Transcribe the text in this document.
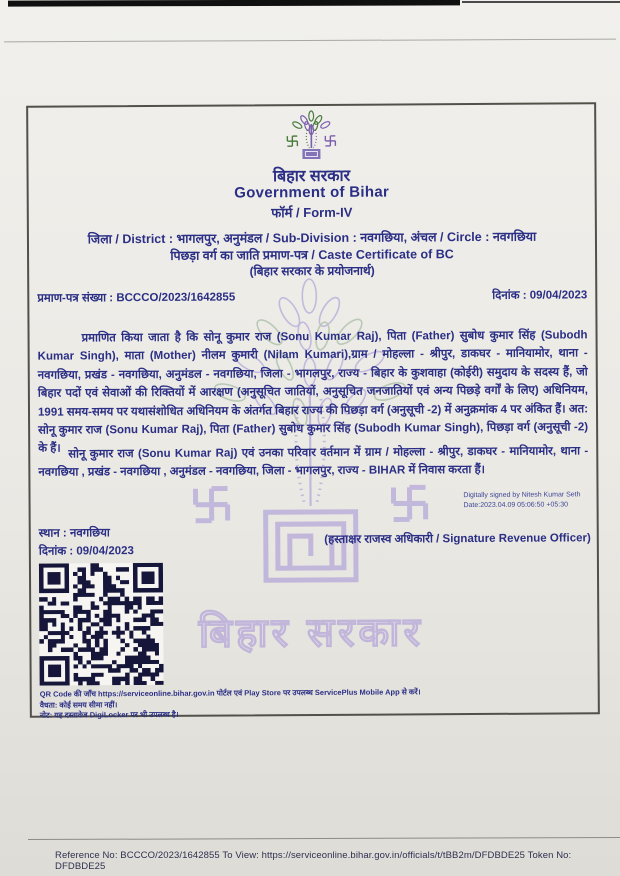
बिहार सरकार
बिहार सरकार
Government of Bihar
फॉर्म / Form-IV
जिला / District : भागलपुर, अनुमंडल / Sub-Division : नवगछिया, अंचल / Circle : नवगछिया
पिछड़ा वर्ग का जाति प्रमाण-पत्र / Caste Certificate of BC
(बिहार सरकार के प्रयोजनार्थ)
प्रमाण-पत्र संख्या : BCCCO/2023/1642855	दिनांक : 09/04/2023
प्रमाणित किया जाता है कि सोनू कुमार राज (Sonu Kumar Raj), पिता (Father) सुबोध कुमार सिंह (Subodh Kumar Singh), माता (Mother) नीलम कुमारी (Nilam Kumari),ग्राम / मोहल्ला - श्रीपुर, डाकघर - मानियामोर, थाना - नवगछिया, प्रखंड - नवगछिया, अनुमंडल - नवगछिया, जिला - भागलपुर, राज्य - बिहार के कुशवाहा (कोईरी) समुदाय के सदस्य हैं, जो बिहार पदों एवं सेवाओं की रिक्तियों में आरक्षण (अनुसूचित जातियों, अनुसूचित जनजातियों एवं अन्य पिछड़े वर्गों के लिए) अधिनियम, 1991 समय-समय पर यथासंशोधित अधिनियम के अंतर्गत बिहार राज्य की पिछड़ा वर्ग (अनुसूची -2) में अनुक्रमांक 4 पर अंकित हैं। अत: सोनू कुमार राज (Sonu Kumar Raj), पिता (Father) सुबोध कुमार सिंह (Subodh Kumar Singh), पिछड़ा वर्ग (अनुसूची -2) के हैं। सोनू कुमार राज (Sonu Kumar Raj) एवं उनका परिवार वर्तमान में ग्राम / मोहल्ला - श्रीपुर, डाकघर - मानियामोर, थाना - नवगछिया , प्रखंड - नवगछिया , अनुमंडल - नवगछिया, जिला - भागलपुर, राज्य - BIHAR में निवास करता हैं।
Digitally signed by Nitesh Kumar Seth
Date:2023.04.09 05:06:50 +05:30
(हस्ताक्षर राजस्व अधिकारी / Signature Revenue Officer)
स्थान : नवगछिया
दिनांक : 09/04/2023
QR Code की जाँच https://serviceonline.bihar.gov.in पोर्टल एवं Play Store पर उपलब्ध ServicePlus Mobile App से करें।
वैधता: कोई समय सीमा नहीं।
नोट: यह दस्तावेज DigiLocker पर भी उपलब्ध है।
Reference No: BCCCO/2023/1642855 To View: https://serviceonline.bihar.gov.in/officials/t/tBB2m/DFDBDE25 Token No: DFDBDE25
